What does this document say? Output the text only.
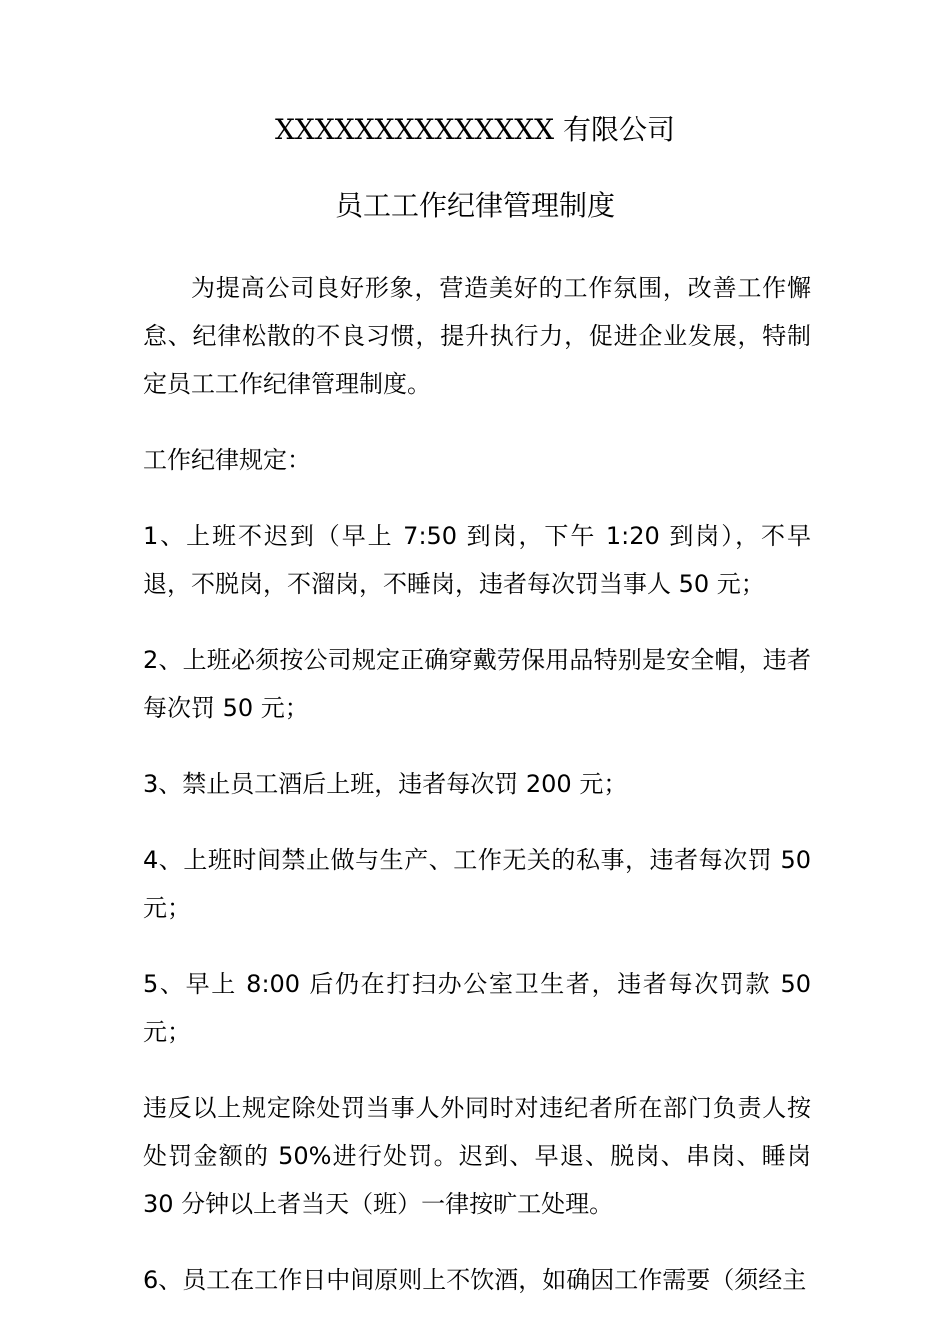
XXXXXXXXXXXXXX 有限公司
员工工作纪律管理制度

为提高公司良好形象，营造美好的工作氛围，改善工作懈怠、纪律松散的不良习惯，提升执行力，促进企业发展，特制定员工工作纪律管理制度。

工作纪律规定：

1、上班不迟到（早上 7:50 到岗，下午 1:20 到岗），不早退，不脱岗，不溜岗，不睡岗，违者每次罚当事人 50 元；

2、上班必须按公司规定正确穿戴劳保用品特别是安全帽，违者每次罚 50 元；

3、禁止员工酒后上班，违者每次罚 200 元；

4、上班时间禁止做与生产、工作无关的私事，违者每次罚 50 元；

5、早上 8:00 后仍在打扫办公室卫生者，违者每次罚款 50 元；

违反以上规定除处罚当事人外同时对违纪者所在部门负责人按处罚金额的 50%进行处罚。迟到、早退、脱岗、串岗、睡岗 30 分钟以上者当天（班）一律按旷工处理。

6、员工在工作日中间原则上不饮酒，如确因工作需要（须经主
